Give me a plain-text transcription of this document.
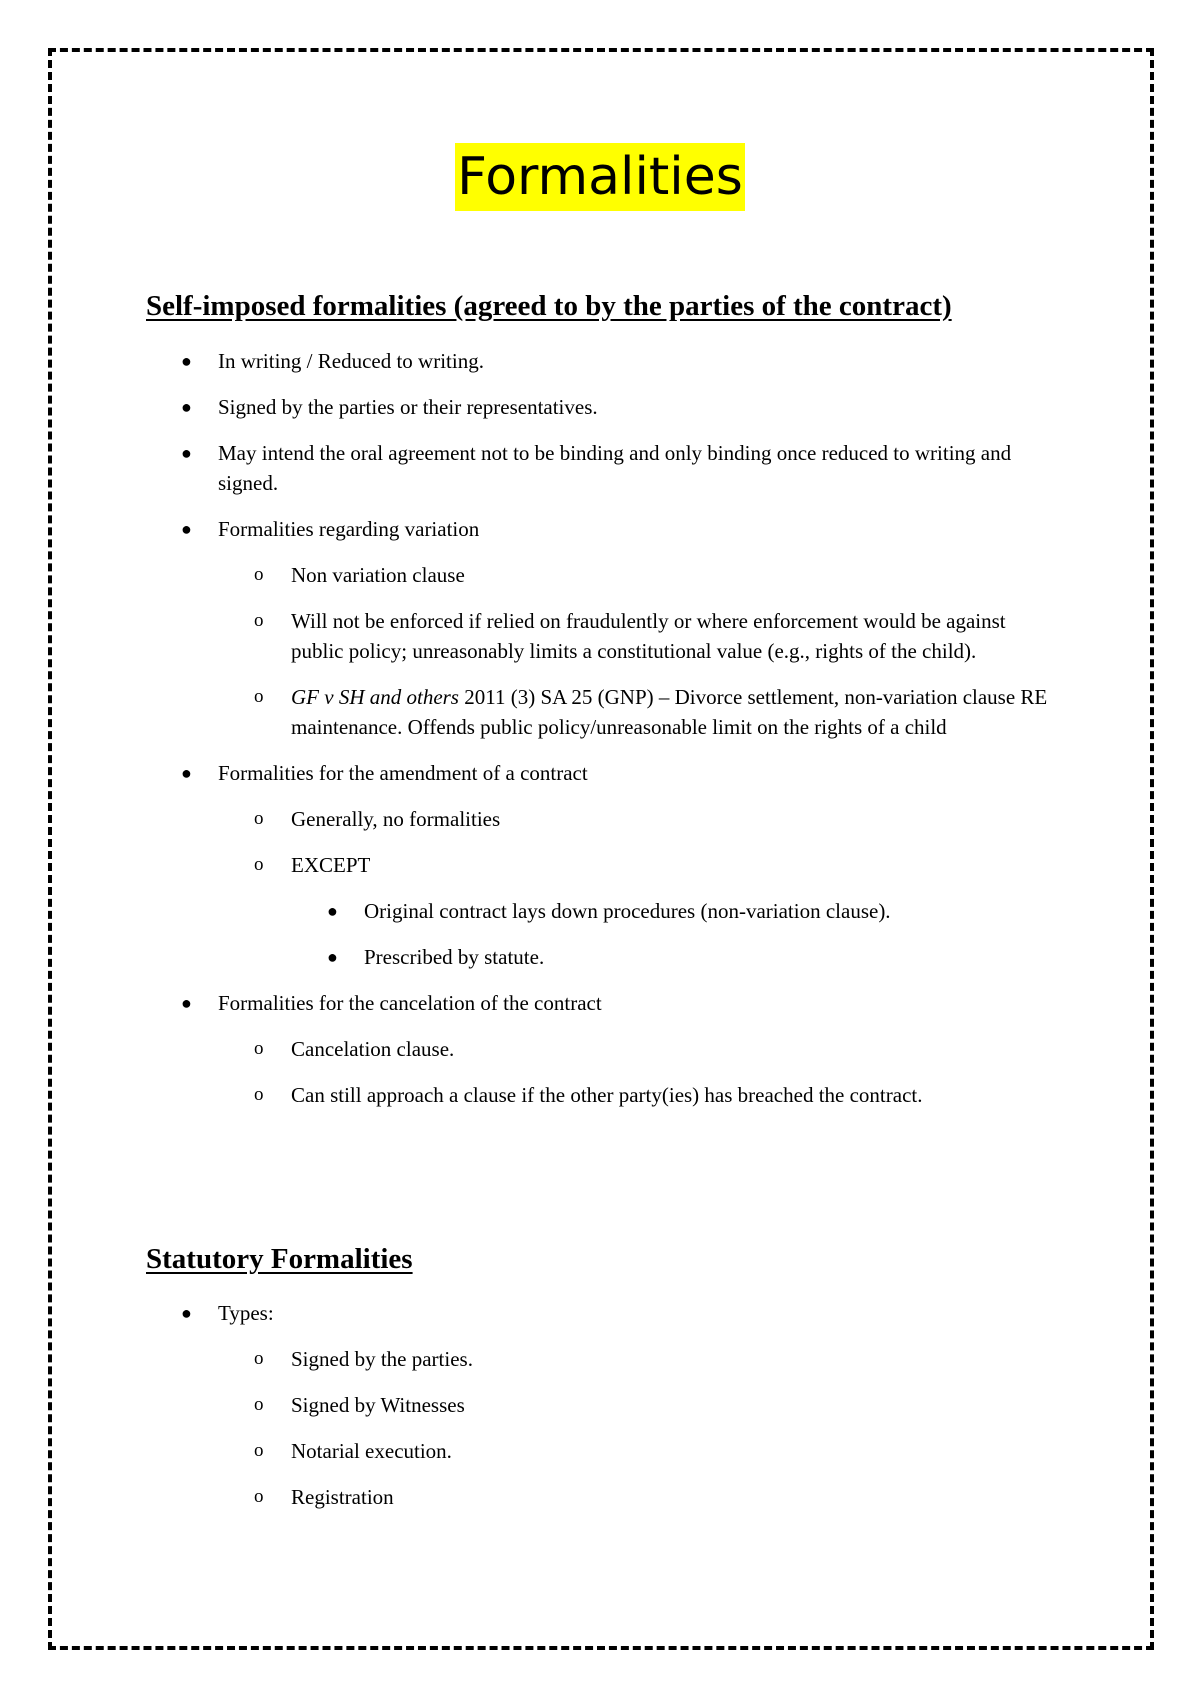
Formalities
Self-imposed formalities (agreed to by the parties of the contract)
● In writing / Reduced to writing.
● Signed by the parties or their representatives.
● May intend the oral agreement not to be binding and only binding once reduced to writing and signed.
● Formalities regarding variation
o Non variation clause
o Will not be enforced if relied on fraudulently or where enforcement would be against public policy; unreasonably limits a constitutional value (e.g., rights of the child).
o GF v SH and others 2011 (3) SA 25 (GNP) – Divorce settlement, non-variation clause RE maintenance. Offends public policy/unreasonable limit on the rights of a child
● Formalities for the amendment of a contract
o Generally, no formalities
o EXCEPT
● Original contract lays down procedures (non-variation clause).
● Prescribed by statute.
● Formalities for the cancelation of the contract
o Cancelation clause.
o Can still approach a clause if the other party(ies) has breached the contract.
Statutory Formalities
● Types:
o Signed by the parties.
o Signed by Witnesses
o Notarial execution.
o Registration
